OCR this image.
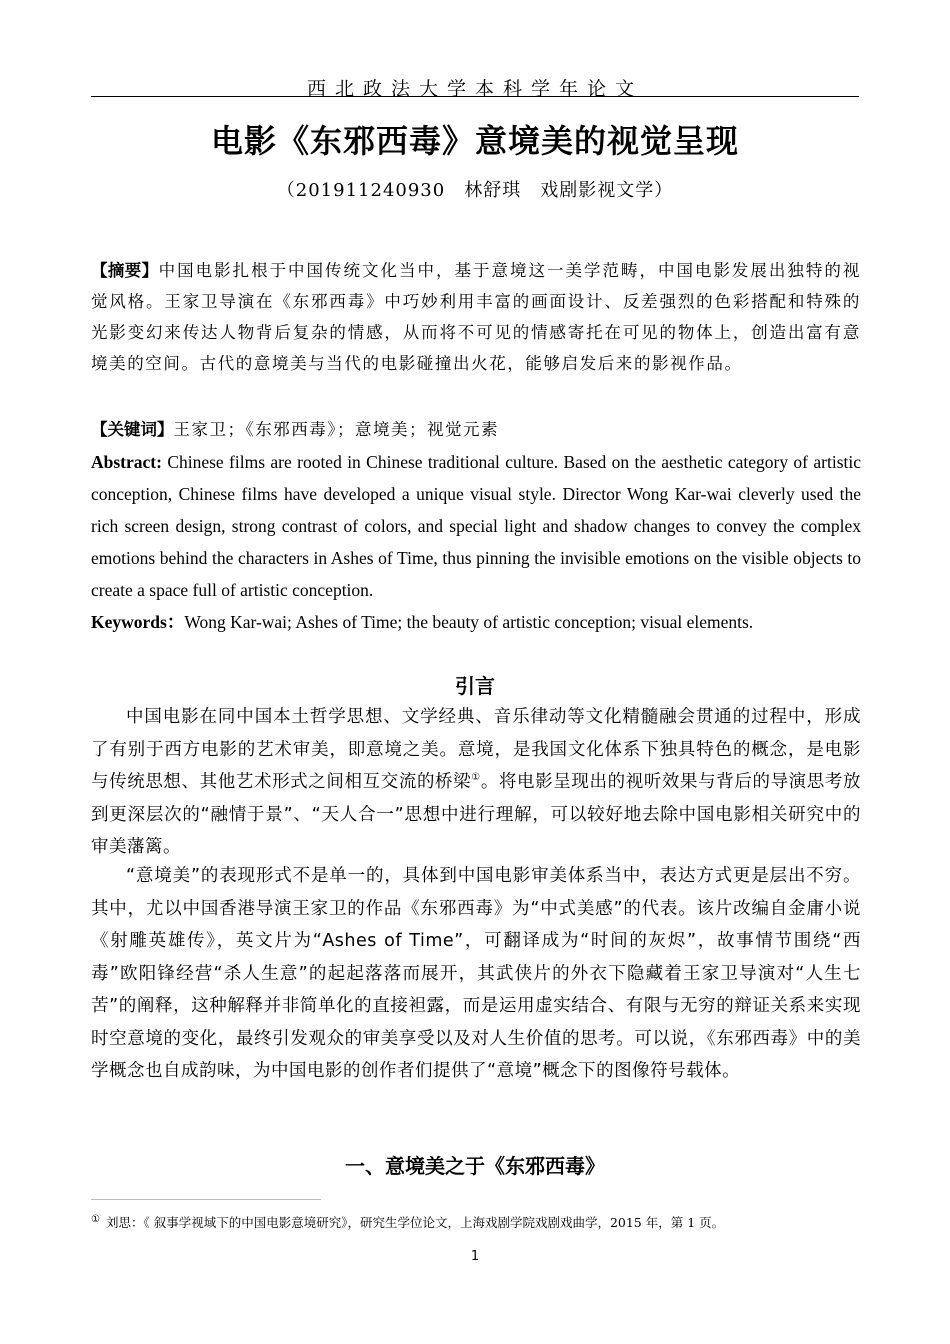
西北政法大学本科学年论文
电影《东邪西毒》意境美的视觉呈现
（201911240930　林舒琪　戏剧影视文学）
【摘要】中国电影扎根于中国传统文化当中，基于意境这一美学范畴，中国电影发展出独特的视觉风格。王家卫导演在《东邪西毒》中巧妙利用丰富的画面设计、反差强烈的色彩搭配和特殊的光影变幻来传达人物背后复杂的情感，从而将不可见的情感寄托在可见的物体上，创造出富有意境美的空间。古代的意境美与当代的电影碰撞出火花，能够启发后来的影视作品。
【关键词】王家卫；《东邪西毒》；意境美；视觉元素
Abstract: Chinese films are rooted in Chinese traditional culture. Based on the aesthetic category of artistic conception, Chinese films have developed a unique visual style. Director Wong Kar-wai cleverly used the rich screen design, strong contrast of colors, and special light and shadow changes to convey the complex emotions behind the characters in Ashes of Time, thus pinning the invisible emotions on the visible objects to create a space full of artistic conception.
Keywords：Wong Kar-wai; Ashes of Time; the beauty of artistic conception; visual elements.
引言
中国电影在同中国本土哲学思想、文学经典、音乐律动等文化精髓融会贯通的过程中，形成了有别于西方电影的艺术审美，即意境之美。意境，是我国文化体系下独具特色的概念，是电影与传统思想、其他艺术形式之间相互交流的桥梁①。将电影呈现出的视听效果与背后的导演思考放到更深层次的“融情于景”、“天人合一”思想中进行理解，可以较好地去除中国电影相关研究中的审美藩篱。
“意境美”的表现形式不是单一的，具体到中国电影审美体系当中，表达方式更是层出不穷。其中，尤以中国香港导演王家卫的作品《东邪西毒》为“中式美感”的代表。该片改编自金庸小说《射雕英雄传》，英文片为“Ashes of Time”，可翻译成为“时间的灰烬”，故事情节围绕“西毒”欧阳锋经营“杀人生意”的起起落落而展开，其武侠片的外衣下隐藏着王家卫导演对“人生七苦”的阐释，这种解释并非简单化的直接袒露，而是运用虚实结合、有限与无穷的辩证关系来实现时空意境的变化，最终引发观众的审美享受以及对人生价值的思考。可以说，《东邪西毒》中的美学概念也自成韵味，为中国电影的创作者们提供了“意境”概念下的图像符号载体。
一、意境美之于《东邪西毒》
① 刘思：《 叙事学视域下的中国电影意境研究》，研究生学位论文，上海戏剧学院戏剧戏曲学，2015 年，第 1 页。
1
